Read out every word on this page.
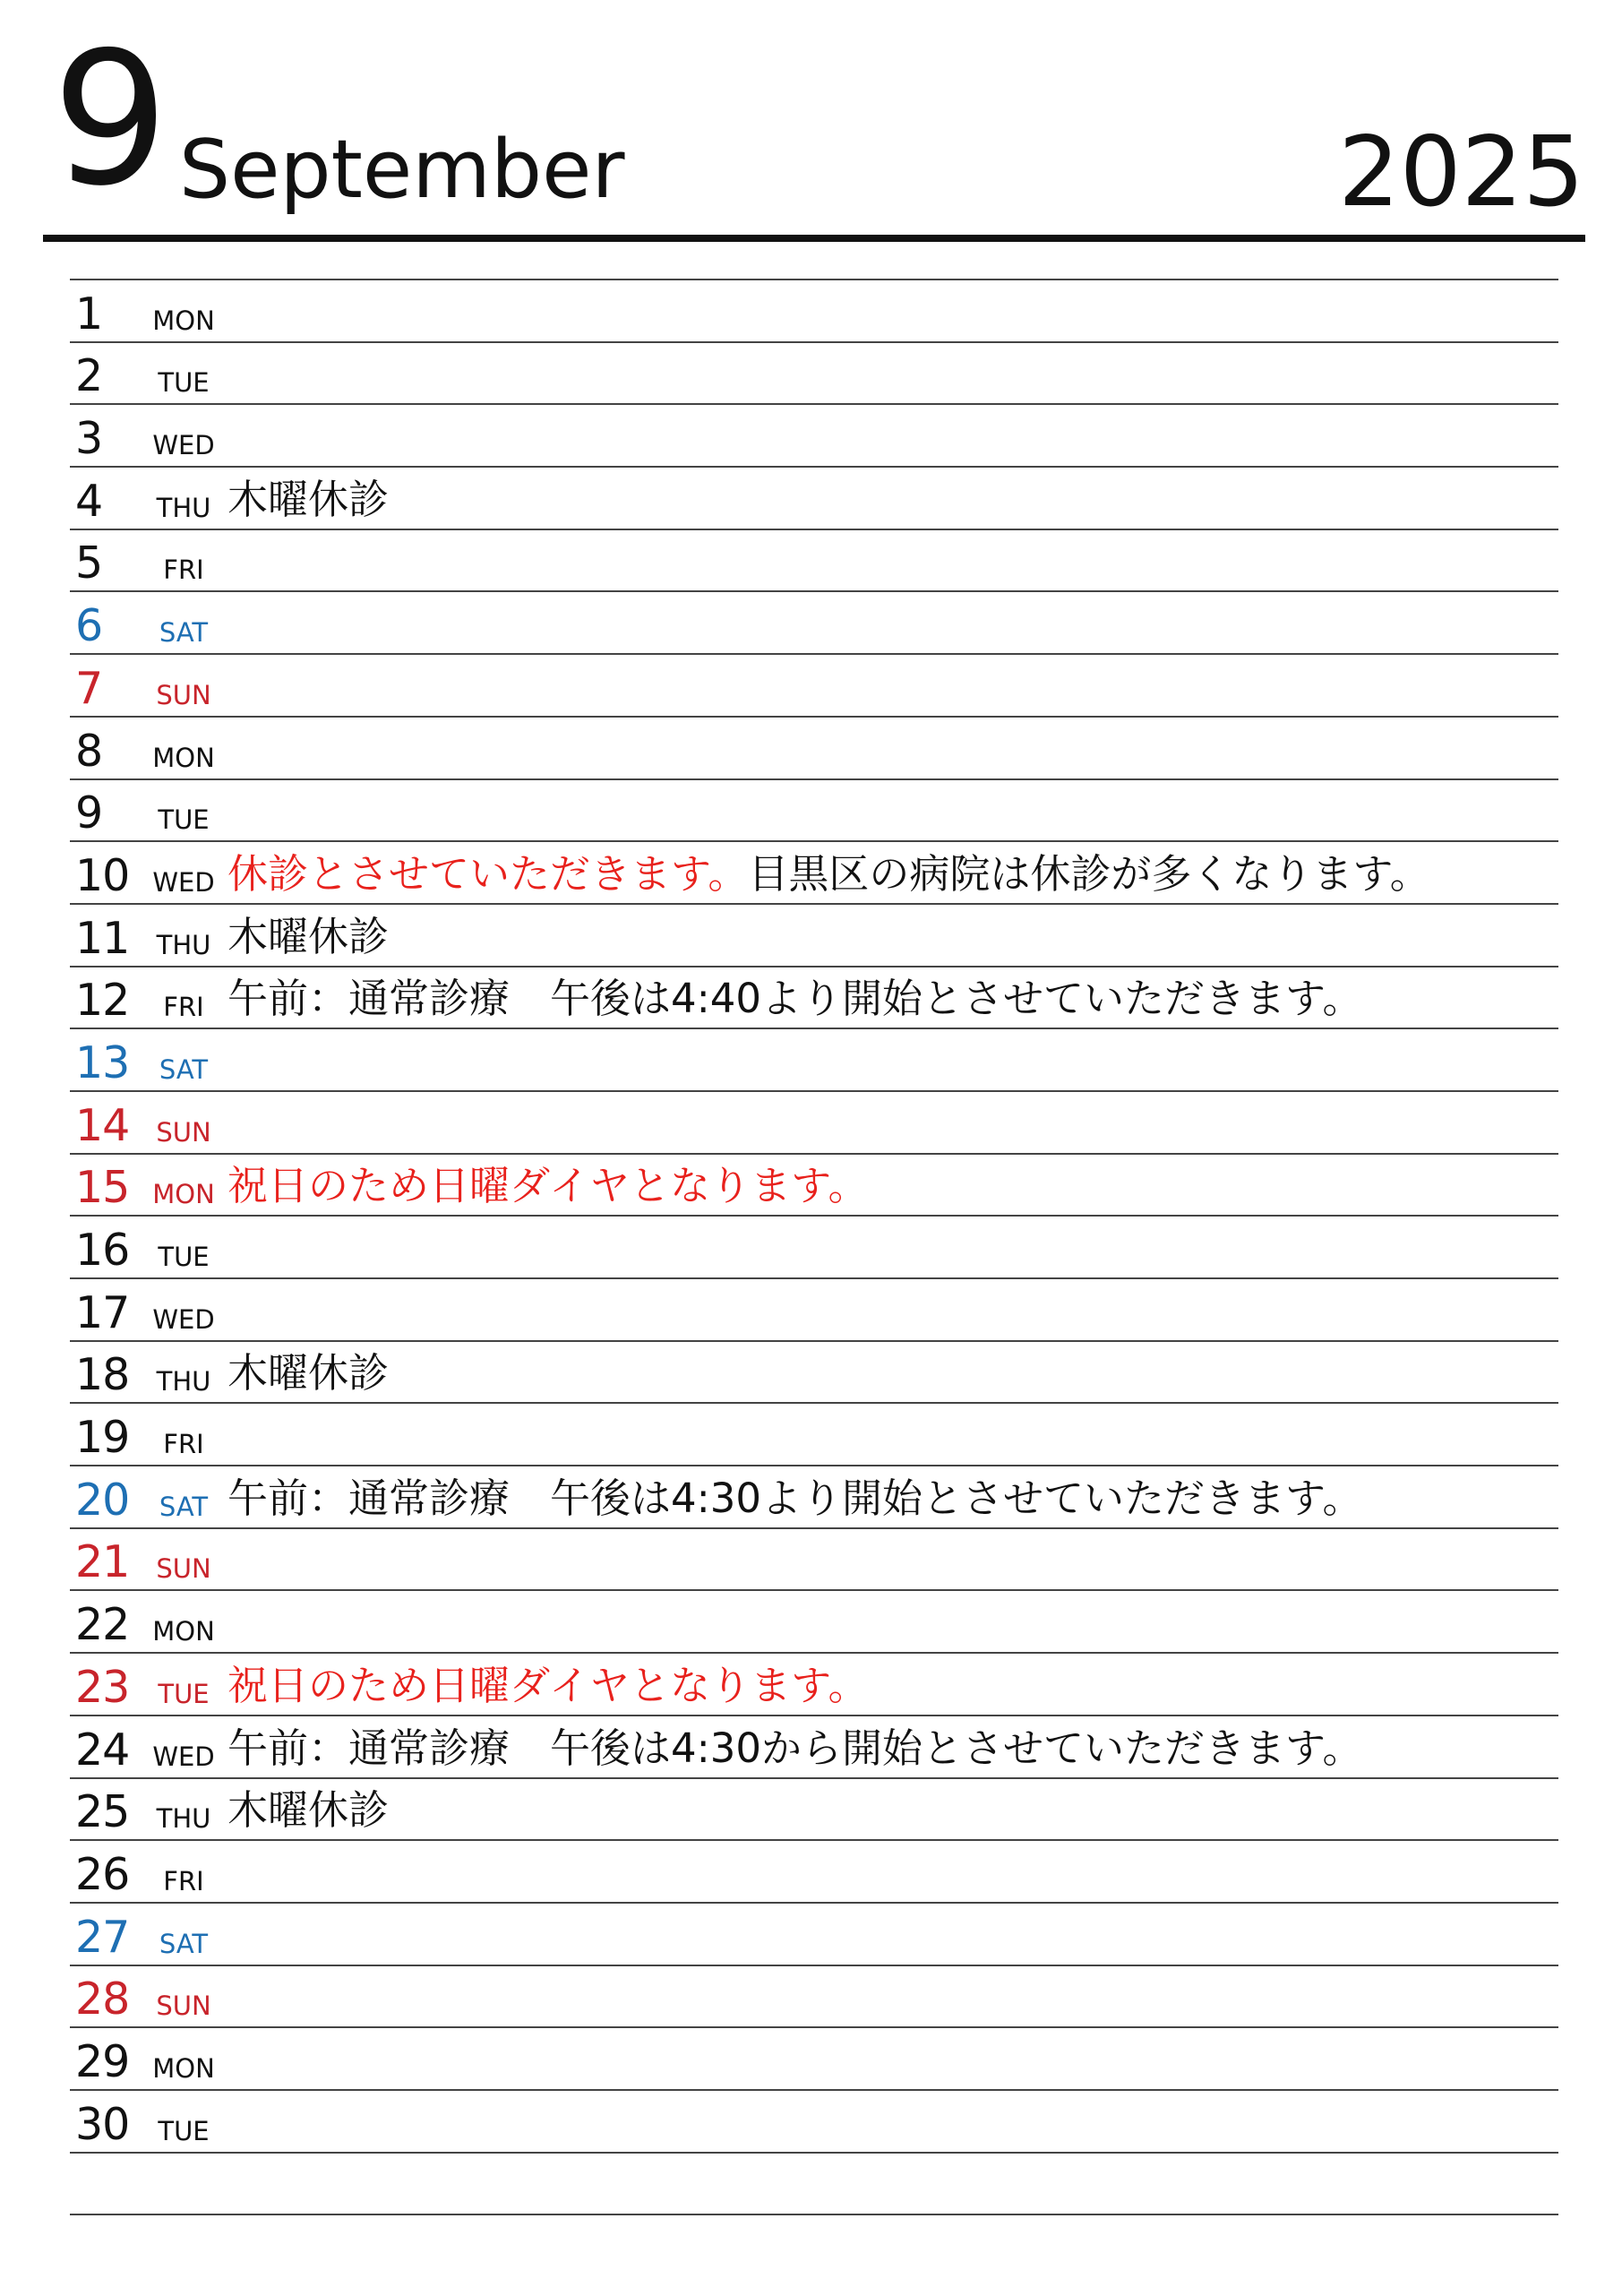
9 September	2025
1	MON
2	TUE
3	WED
4	THU 木曜休診
5	FRI
6	SAT
7	SUN
8	MON
9	TUE
10 WED 休診とさせていただきます。目黒区の病院は休診が多くなります。
11	THU 木曜休診
12	FRI 午前：通常診療　午後は4:40より開始とさせていただきます。
13	SAT
14	SUN
15 MON 祝日のため日曜ダイヤとなります。
16	TUE
17 WED
18	THU 木曜休診
19	FRI
20	SAT 午前：通常診療　午後は4:30より開始とさせていただきます。
21	SUN
22 MON
23	TUE 祝日のため日曜ダイヤとなります。
24 WED 午前：通常診療　午後は4:30から開始とさせていただきます。
25	THU 木曜休診
26	FRI
27	SAT
28	SUN
29 MON
30	TUE
